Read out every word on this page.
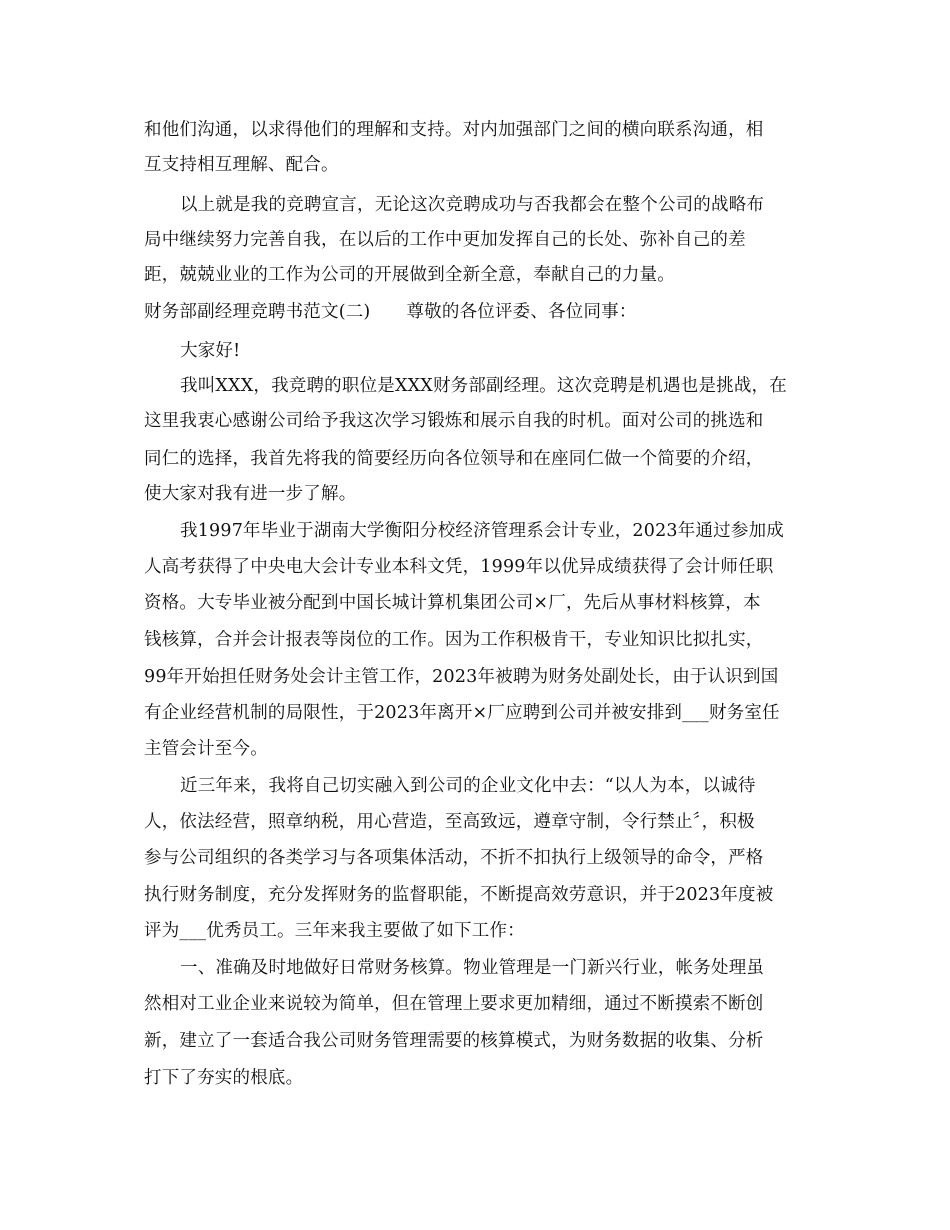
和他们沟通，以求得他们的理解和支持。对内加强部门之间的横向联系沟通，相
互支持相互理解、配合。
以上就是我的竞聘宣言，无论这次竞聘成功与否我都会在整个公司的战略布
局中继续努力完善自我，在以后的工作中更加发挥自己的长处、弥补自己的差
距，兢兢业业的工作为公司的开展做到全新全意，奉献自己的力量。
财务部副经理竞聘书范文(二) 尊敬的各位评委、各位同事：
大家好!
我叫XXX，我竞聘的职位是XXX财务部副经理。这次竞聘是机遇也是挑战，在
这里我衷心感谢公司给予我这次学习锻炼和展示自我的时机。面对公司的挑选和
同仁的选择，我首先将我的简要经历向各位领导和在座同仁做一个简要的介绍，
使大家对我有进一步了解。
我1997年毕业于湖南大学衡阳分校经济管理系会计专业，2023年通过参加成
人高考获得了中央电大会计专业本科文凭，1999年以优异成绩获得了会计师任职
资格。大专毕业被分配到中国长城计算机集团公司×厂，先后从事材料核算，本
钱核算，合并会计报表等岗位的工作。因为工作积极肯干，专业知识比拟扎实，
99年开始担任财务处会计主管工作，2023年被聘为财务处副处长，由于认识到国
有企业经营机制的局限性，于2023年离开×厂应聘到公司并被安排到___财务室任
主管会计至今。
近三年来，我将自己切实融入到公司的企业文化中去：“以人为本，以诚待
人，依法经营，照章纳税，用心营造，至高致远，遵章守制，令行禁止〞，积极
参与公司组织的各类学习与各项集体活动，不折不扣执行上级领导的命令，严格
执行财务制度，充分发挥财务的监督职能，不断提高效劳意识，并于2023年度被
评为___优秀员工。三年来我主要做了如下工作：
一、准确及时地做好日常财务核算。物业管理是一门新兴行业，帐务处理虽
然相对工业企业来说较为简单，但在管理上要求更加精细，通过不断摸索不断创
新，建立了一套适合我公司财务管理需要的核算模式，为财务数据的收集、分析
打下了夯实的根底。
